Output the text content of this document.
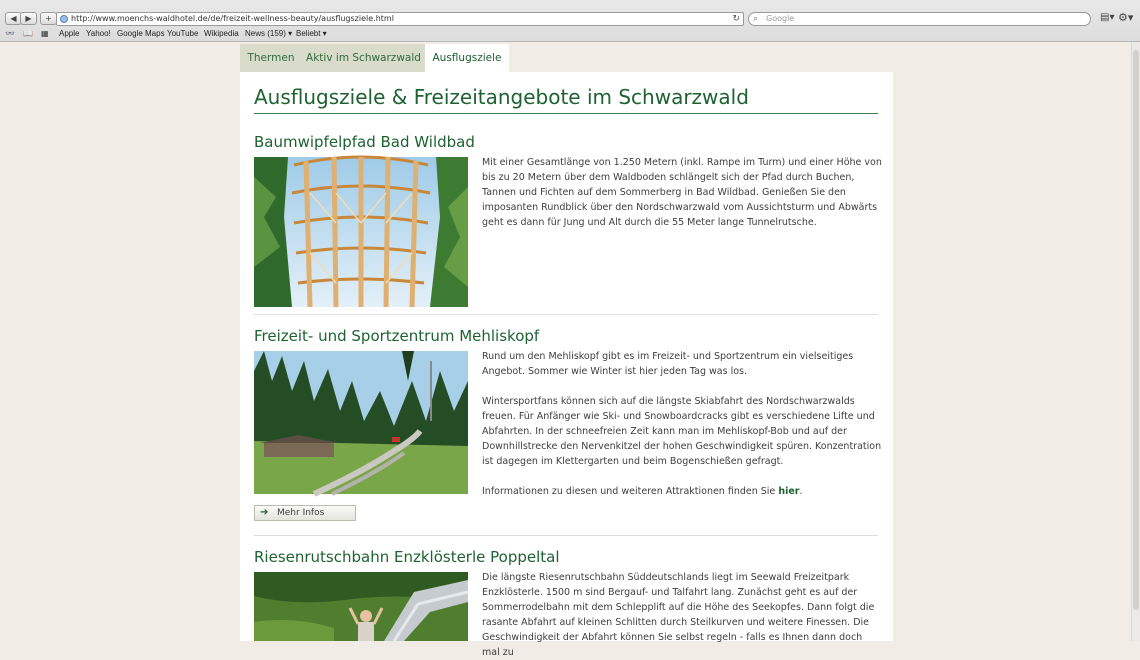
◀	▶	+	http://www.moenchs-waldhotel.de/de/freizeit-wellness-beauty/ausflugsziele.html	↻ ⌕ Google	▤▾ ⚙▾
👓 📖 ▦ Apple Yahoo! Google Maps YouTube Wikipedia News (159) ▾ Beliebt ▾
Thermen	Aktiv im Schwarzwald	Ausflugsziele
Ausflugsziele & Freizeitangebote im Schwarzwald
Baumwipfelpfad Bad Wildbad
Mit einer Gesamtlänge von 1.250 Metern (inkl. Rampe im Turm) und einer Höhe von bis zu 20 Metern über dem Waldboden schlängelt sich der Pfad durch Buchen, Tannen und Fichten auf dem Sommerberg in Bad Wildbad. Genießen Sie den imposanten Rundblick über den Nordschwarzwald vom Aussichtsturm und Abwärts geht es dann für Jung und Alt durch die 55 Meter lange Tunnelrutsche.
Freizeit- und Sportzentrum Mehliskopf
Rund um den Mehliskopf gibt es im Freizeit- und Sportzentrum ein vielseitiges Angebot. Sommer wie Winter ist hier jeden Tag was los.
Wintersportfans können sich auf die längste Skiabfahrt des Nordschwarzwalds freuen. Für Anfänger wie Ski- und Snowboardcracks gibt es verschiedene Lifte und Abfahrten. In der schneefreien Zeit kann man im Mehliskopf-Bob und auf der Downhillstrecke den Nervenkitzel der hohen Geschwindigkeit spüren. Konzentration ist dagegen im Klettergarten und beim Bogenschießen gefragt.
Informationen zu diesen und weiteren Attraktionen finden Sie hier.
➔ Mehr Infos
Riesenrutschbahn Enzklösterle Poppeltal
Die längste Riesenrutschbahn Süddeutschlands liegt im Seewald Freizeitpark Enzklösterle. 1500 m sind Bergauf- und Talfahrt lang. Zunächst geht es auf der Sommerrodelbahn mit dem Schlepplift auf die Höhe des Seekopfes. Dann folgt die rasante Abfahrt auf kleinen Schlitten durch Steilkurven und weitere Finessen. Die Geschwindigkeit der Abfahrt können Sie selbst regeln - falls es Ihnen dann doch mal zu
